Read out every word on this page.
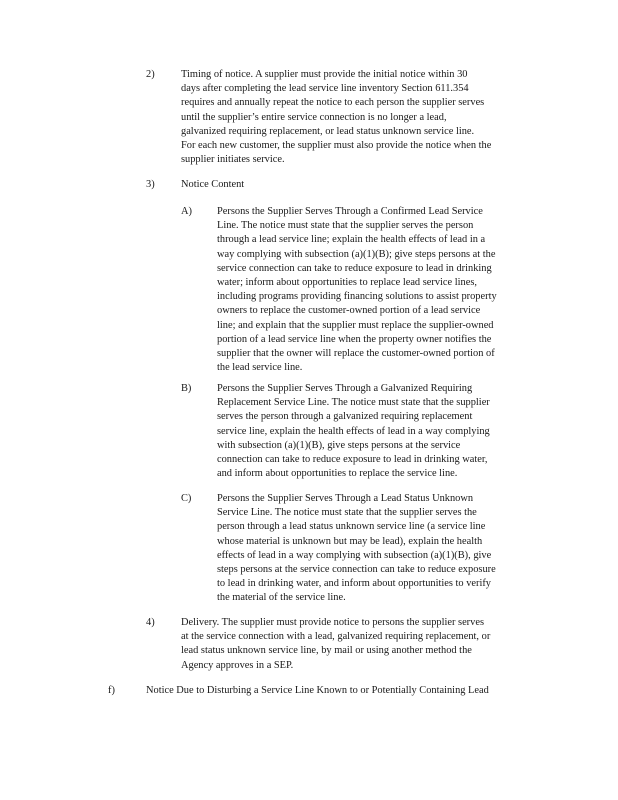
2)	Timing of notice. A supplier must provide the initial notice within 30
days after completing the lead service line inventory Section 611.354
requires and annually repeat the notice to each person the supplier serves
until the supplier’s entire service connection is no longer a lead,
galvanized requiring replacement, or lead status unknown service line.
For each new customer, the supplier must also provide the notice when the
supplier initiates service.
3)	Notice Content
A) Persons the Supplier Serves Through a Confirmed Lead Service
Line. The notice must state that the supplier serves the person
through a lead service line; explain the health effects of lead in a
way complying with subsection (a)(1)(B); give steps persons at the
service connection can take to reduce exposure to lead in drinking
water; inform about opportunities to replace lead service lines,
including programs providing financing solutions to assist property
owners to replace the customer-owned portion of a lead service
line; and explain that the supplier must replace the supplier-owned
portion of a lead service line when the property owner notifies the
supplier that the owner will replace the customer-owned portion of
the lead service line.
B) Persons the Supplier Serves Through a Galvanized Requiring
Replacement Service Line. The notice must state that the supplier
serves the person through a galvanized requiring replacement
service line, explain the health effects of lead in a way complying
with subsection (a)(1)(B), give steps persons at the service
connection can take to reduce exposure to lead in drinking water,
and inform about opportunities to replace the service line.
C) Persons the Supplier Serves Through a Lead Status Unknown
Service Line. The notice must state that the supplier serves the
person through a lead status unknown service line (a service line
whose material is unknown but may be lead), explain the health
effects of lead in a way complying with subsection (a)(1)(B), give
steps persons at the service connection can take to reduce exposure
to lead in drinking water, and inform about opportunities to verify
the material of the service line.
4)	Delivery. The supplier must provide notice to persons the supplier serves
at the service connection with a lead, galvanized requiring replacement, or
lead status unknown service line, by mail or using another method the
Agency approves in a SEP.
f)	Notice Due to Disturbing a Service Line Known to or Potentially Containing Lead
